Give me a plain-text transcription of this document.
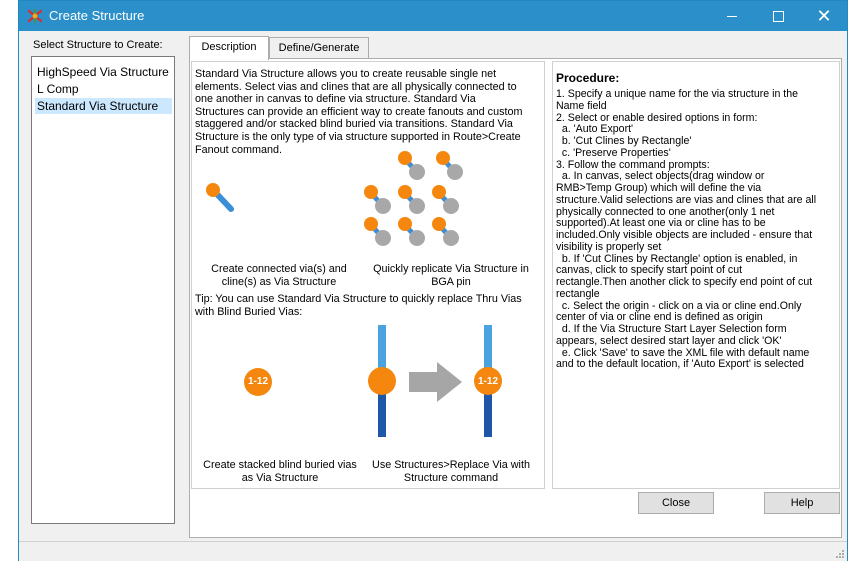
Create Structure	✕
Select Structure to Create:
HighSpeed Via Structure
L Comp
Standard Via Structure
Description	Define/Generate
Standard Via Structure allows you to create reusable single net
elements. Select vias and clines that are all physically connected to
one another in canvas to define via structure. Standard Via
Structures can provide an efficient way to create fanouts and custom
staggered and/or stacked blind buried via transitions. Standard Via
Structure is the only type of via structure supported in Route>Create
Fanout command.
Create connected via(s) and
cline(s) as Via Structure
Quickly replicate Via Structure in
BGA pin
Tip: You can use Standard Via Structure to quickly replace Thru Vias
with Blind Buried Vias:
Create stacked blind buried vias
as Via Structure
Use Structures>Replace Via with
Structure command
Procedure:
1. Specify a unique name for the via structure in the
Name field
2. Select or enable desired options in form:
a. 'Auto Export'
b. 'Cut Clines by Rectangle'
c. 'Preserve Properties'
3. Follow the command prompts:
a. In canvas, select objects(drag window or
RMB>Temp Group) which will define the via
structure.Valid selections are vias and clines that are all
physically connected to one another(only 1 net
supported).At least one via or cline has to be
included.Only visible objects are included - ensure that
visibility is properly set
b. If 'Cut Clines by Rectangle' option is enabled, in
canvas, click to specify start point of cut
rectangle.Then another click to specify end point of cut
rectangle
c. Select the origin - click on a via or cline end.Only
center of via or cline end is defined as origin
d. If the Via Structure Start Layer Selection form
appears, select desired start layer and click 'OK'
e. Click 'Save' to save the XML file with default name
and to the default location, if 'Auto Export' is selected
Close	Help
